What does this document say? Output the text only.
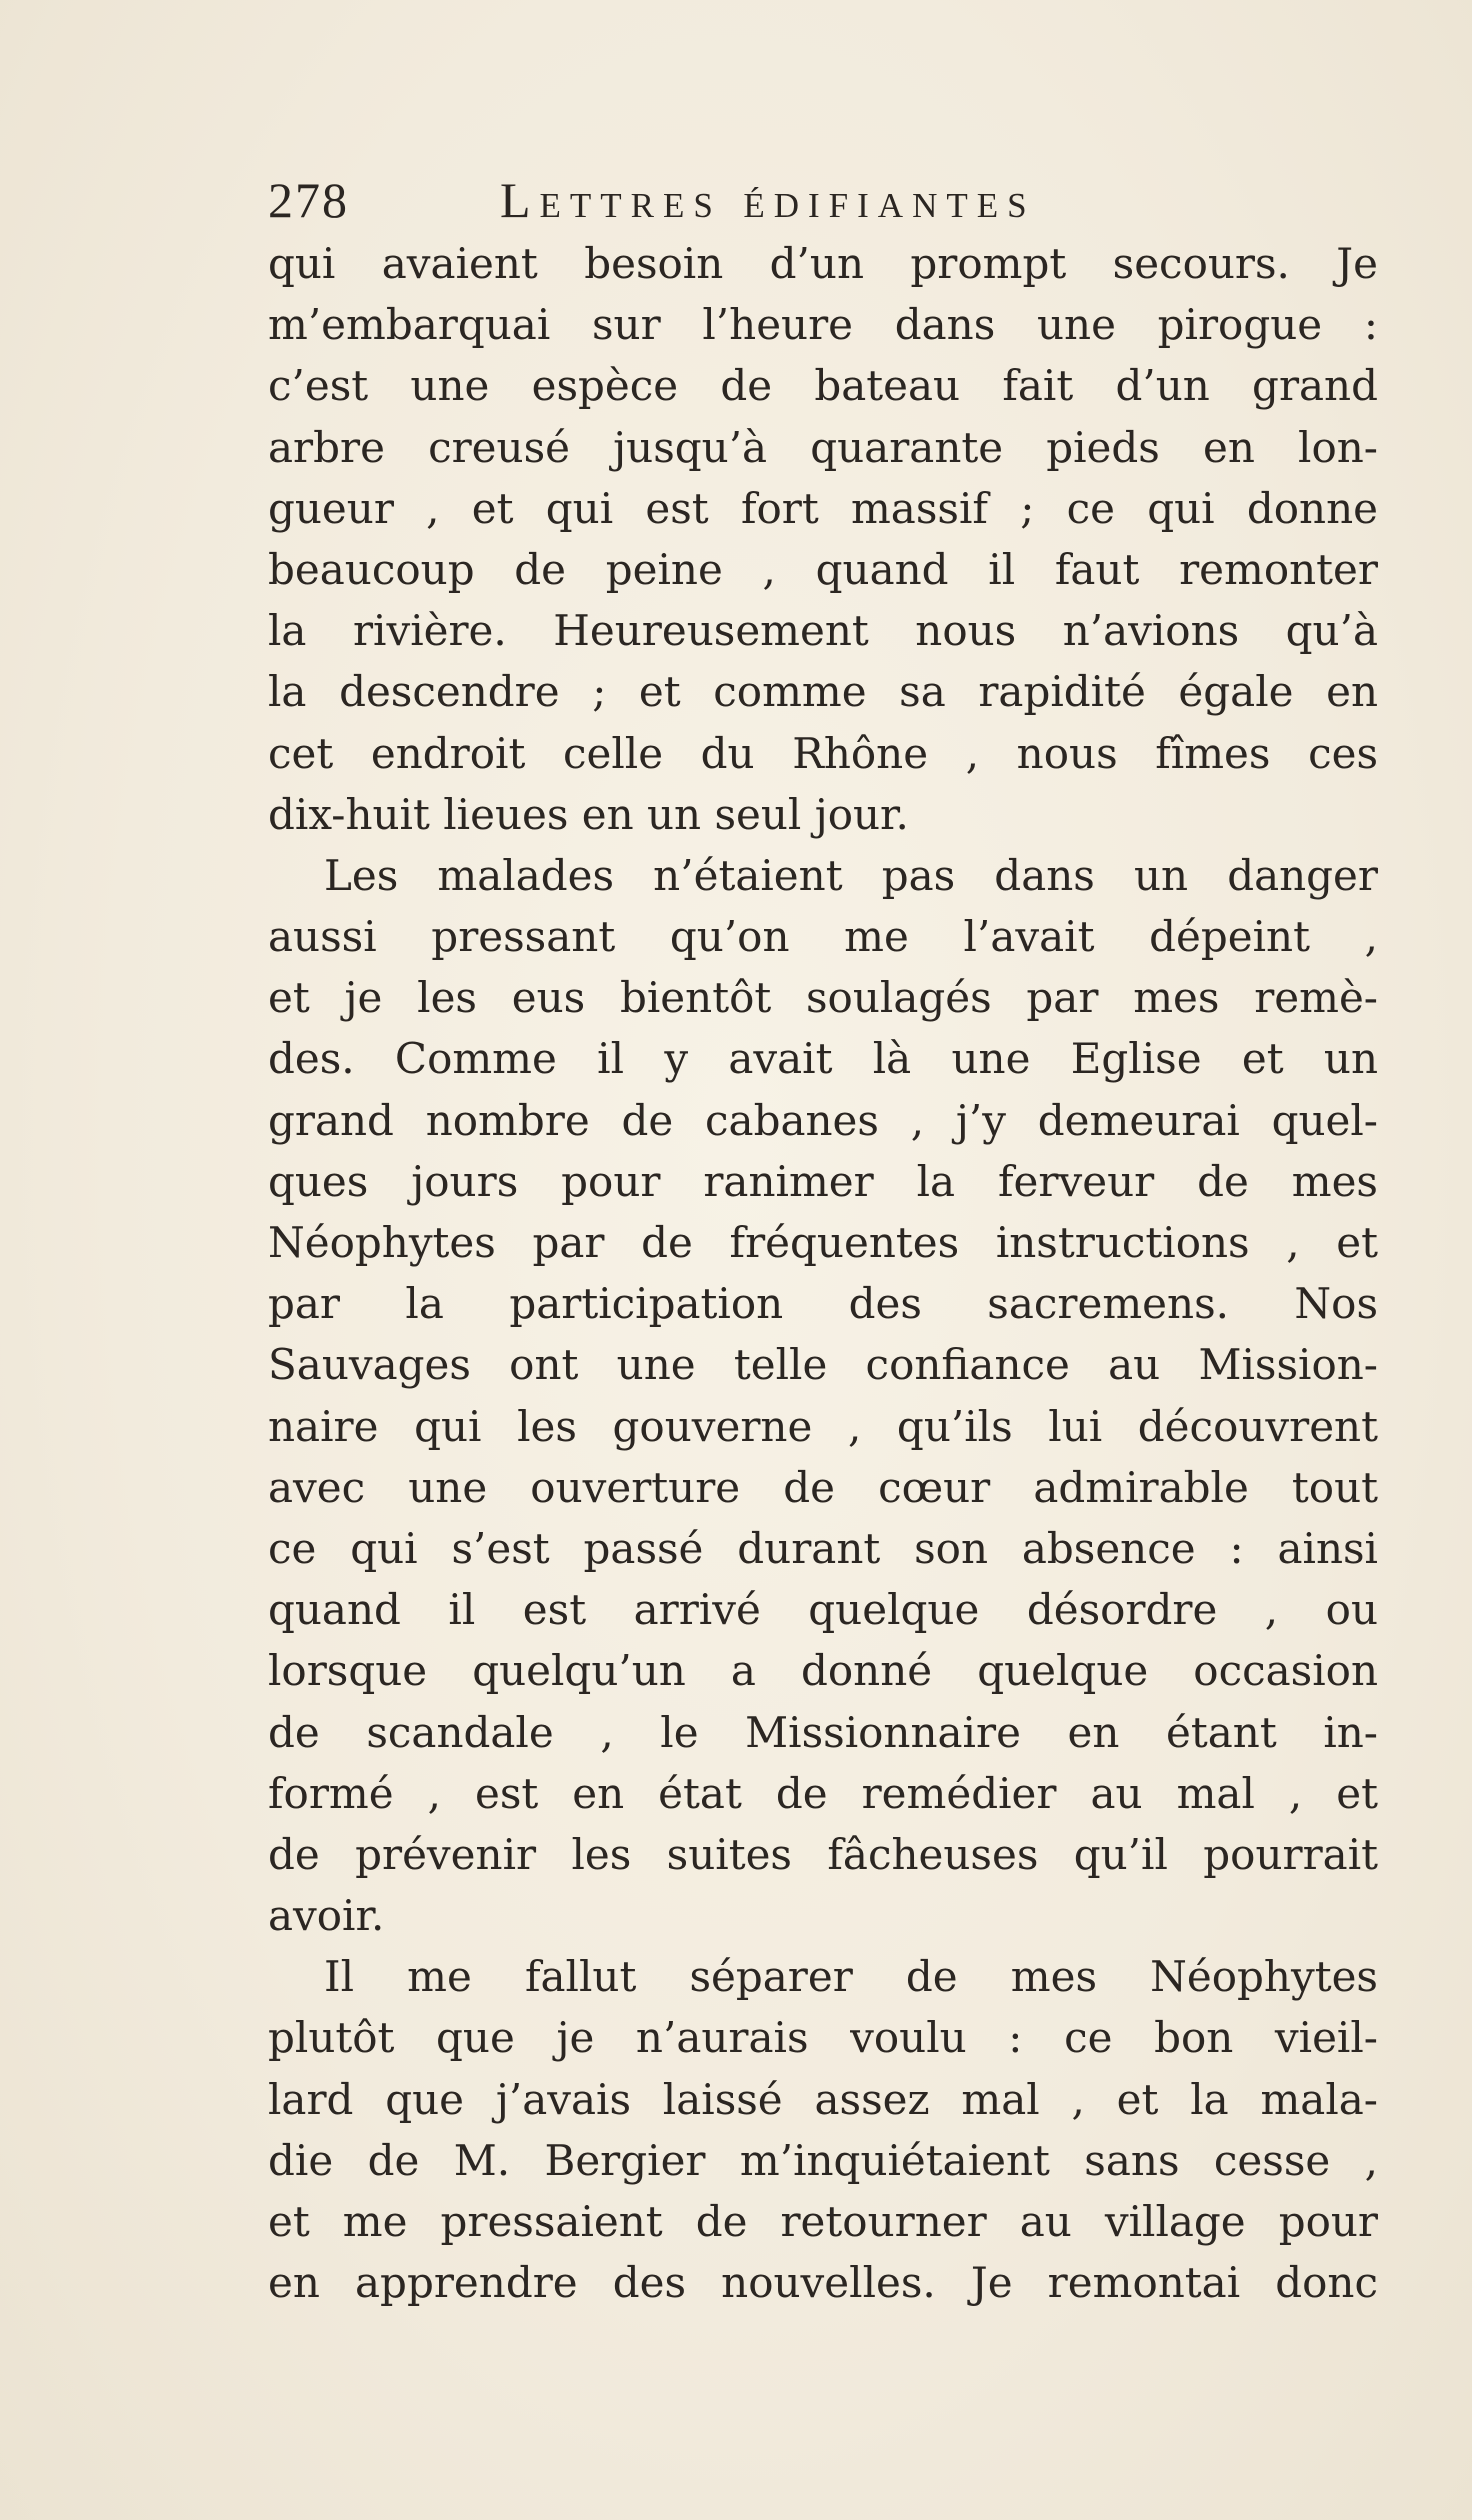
278	Lettres édifiantes
qui avaient besoin d’un prompt secours. Je
m’embarquai sur l’heure dans une pirogue :
c’est une espèce de bateau fait d’un grand
arbre creusé jusqu’à quarante pieds en lon-
gueur , et qui est fort massif ; ce qui donne
beaucoup de peine , quand il faut remonter
la rivière. Heureusement nous n’avions qu’à
la descendre ; et comme sa rapidité égale en
cet endroit celle du Rhône , nous fîmes ces
dix-huit lieues en un seul jour.
Les malades n’étaient pas dans un danger
aussi pressant qu’on me l’avait dépeint ,
et je les eus bientôt soulagés par mes remè-
des. Comme il y avait là une Eglise et un
grand nombre de cabanes , j’y demeurai quel-
ques jours pour ranimer la ferveur de mes
Néophytes par de fréquentes instructions , et
par la participation des sacremens. Nos
Sauvages ont une telle confiance au Mission-
naire qui les gouverne , qu’ils lui découvrent
avec une ouverture de cœur admirable tout
ce qui s’est passé durant son absence : ainsi
quand il est arrivé quelque désordre , ou
lorsque quelqu’un a donné quelque occasion
de scandale , le Missionnaire en étant in-
formé , est en état de remédier au mal , et
de prévenir les suites fâcheuses qu’il pourrait
avoir.
Il me fallut séparer de mes Néophytes
plutôt que je n’aurais voulu : ce bon vieil-
lard que j’avais laissé assez mal , et la mala-
die de M. Bergier m’inquiétaient sans cesse ,
et me pressaient de retourner au village pour
en apprendre des nouvelles. Je remontai donc
